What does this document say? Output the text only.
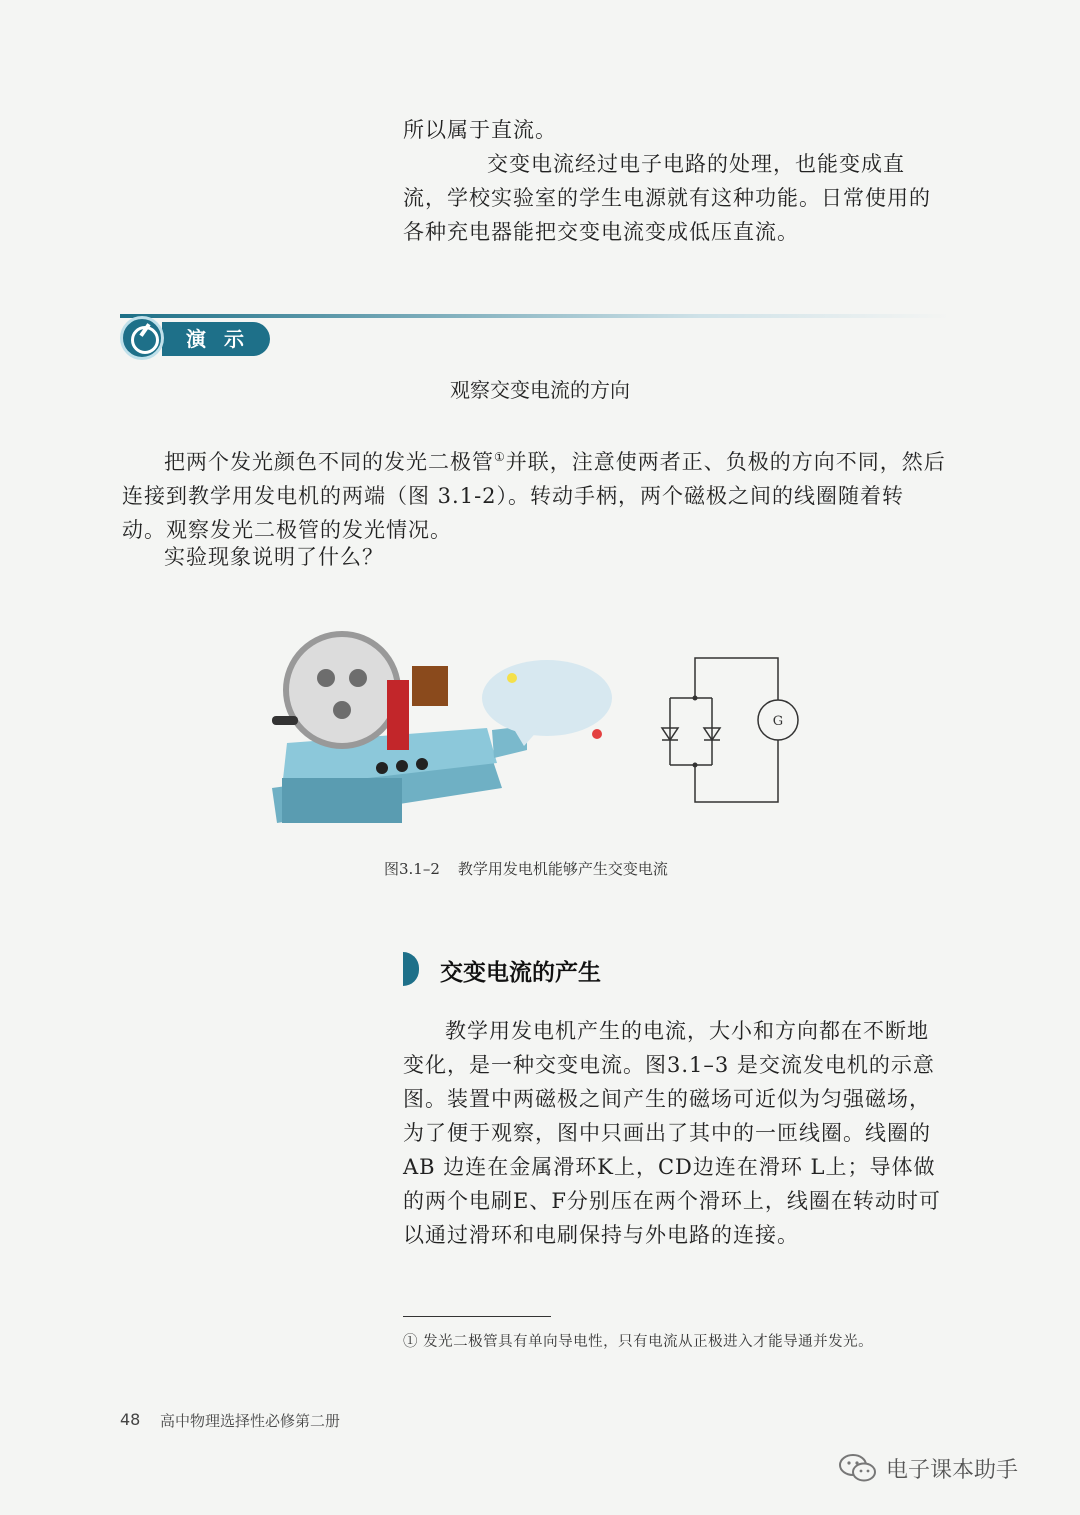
所以属于直流。
交变电流经过电子电路的处理，也能变成直流，学校实验室的学生电源就有这种功能。日常使用的各种充电器能把交变电流变成低压直流。

演示
观察交变电流的方向

把两个发光颜色不同的发光二极管①并联，注意使两者正、负极的方向不同，然后连接到教学用发电机的两端（图 3.1-2）。转动手柄，两个磁极之间的线圈随着转动。观察发光二极管的发光情况。

实验现象说明了什么？

G
图3.1–2 教学用发电机能够产生交变电流
交变电流的产生

教学用发电机产生的电流，大小和方向都在不断地变化，是一种交变电流。图3.1–3 是交流发电机的示意图。装置中两磁极之间产生的磁场可近似为匀强磁场，为了便于观察，图中只画出了其中的一匝线圈。线圈的AB 边连在金属滑环K上，CD边连在滑环 L上；导体做的两个电刷E、F分别压在两个滑环上，线圈在转动时可以通过滑环和电刷保持与外电路的连接。

① 发光二极管具有单向导电性，只有电流从正极进入才能导通并发光。
48 高中物理选择性必修第二册
电子课本助手
